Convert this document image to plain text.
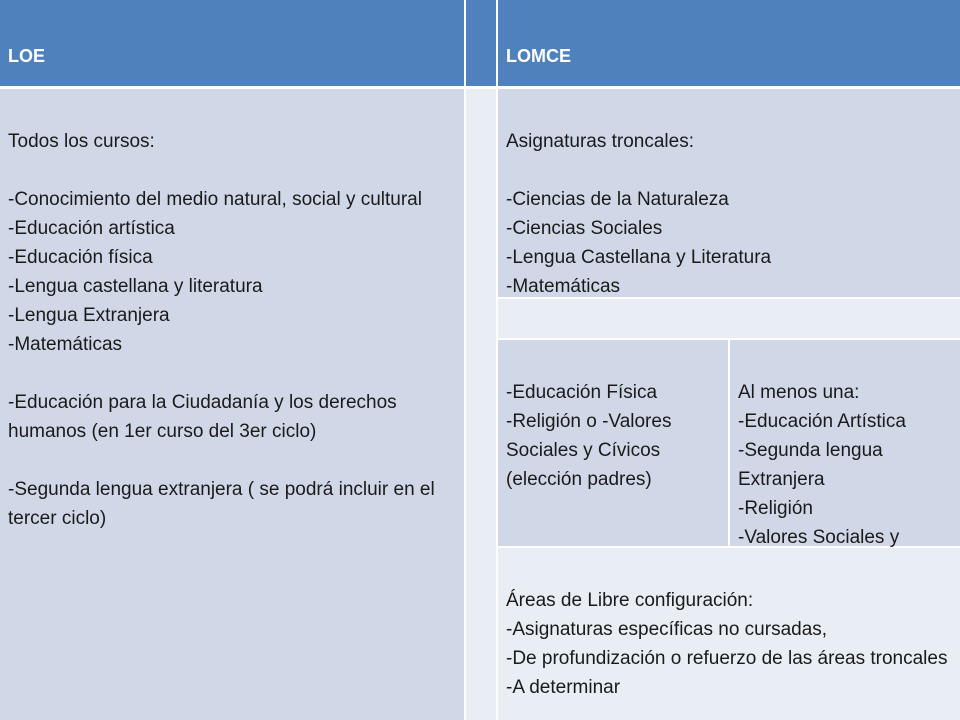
LOE	LOMCE

Todos los cursos:

-Conocimiento del medio natural, social y cultural
-Educación artística
-Educación física
-Lengua castellana y literatura
-Lengua Extranjera
-Matemáticas

-Educación para la Ciudadanía y los derechos humanos (en 1er curso del 3er ciclo)

-Segunda lengua extranjera ( se podrá incluir en el tercer ciclo)

Asignaturas troncales:

-Ciencias de la Naturaleza
-Ciencias Sociales
-Lengua Castellana y Literatura
-Matemáticas

-Educación Física
-Religión o -Valores Sociales y Cívicos (elección padres)

Al menos una:
-Educación Artística
-Segunda lengua Extranjera
-Religión
-Valores Sociales y

Áreas de Libre configuración:
-Asignaturas específicas no cursadas,
-De profundización o refuerzo de las áreas troncales
-A determinar
